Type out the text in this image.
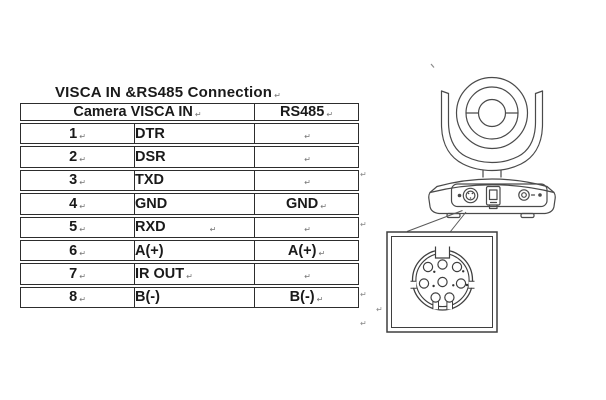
VISCA IN &RS485 Connection ↵
Camera VISCA IN ↵		RS485 ↵
1 ↵	DTR	↵
2 ↵	DSR	↵
3 ↵	TXD	↵
4 ↵	GND	GND ↵
5 ↵	RXD ↵	↵
6 ↵	A(+)	A(+) ↵
7 ↵	IR OUT ↵	↵
8 ↵	B(-)	B(-) ↵
↵
↵
↵
↵
↵
